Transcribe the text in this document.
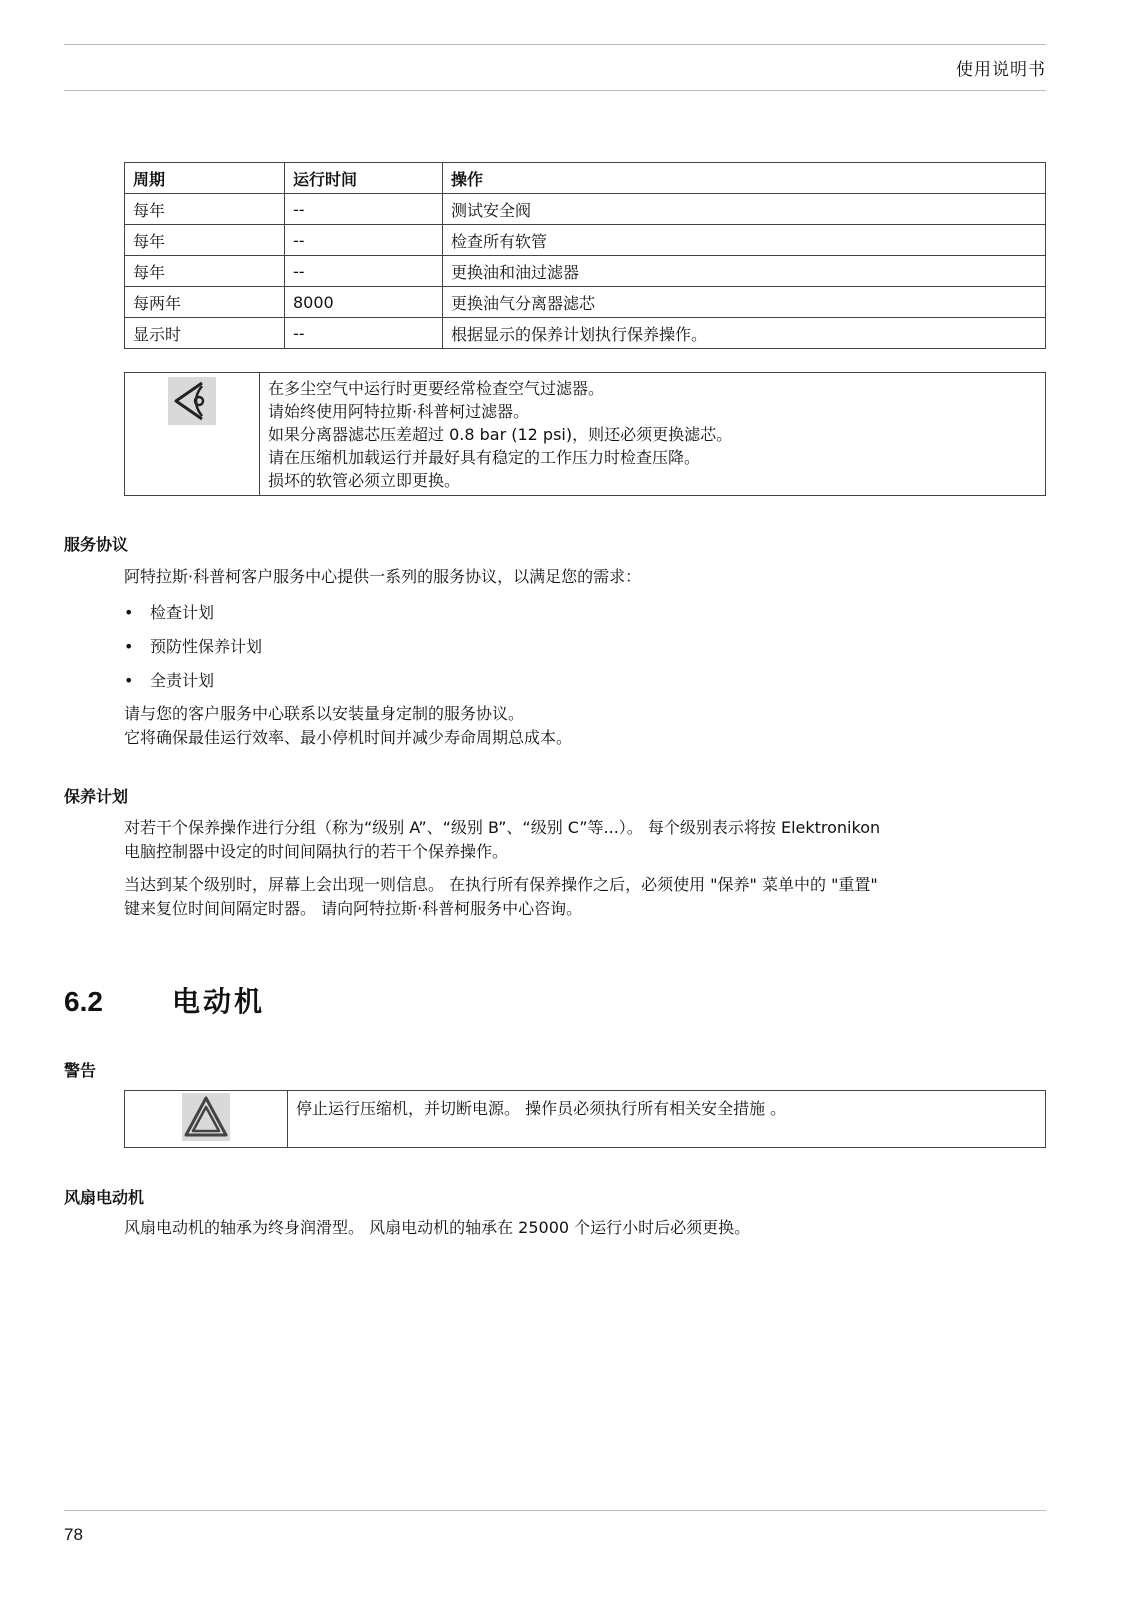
使用说明书
周期	运行时间	操作
每年	--	测试安全阀
每年	--	检查所有软管
每年	--	更换油和油过滤器
每两年	8000	更换油气分离器滤芯
显示时	--	根据显示的保养计划执行保养操作。
在多尘空气中运行时更要经常检查空气过滤器。
请始终使用阿特拉斯·科普柯过滤器。
如果分离器滤芯压差超过 0.8 bar (12 psi)，则还必须更换滤芯。
请在压缩机加载运行并最好具有稳定的工作压力时检查压降。
损坏的软管必须立即更换。
服务协议
阿特拉斯·科普柯客户服务中心提供一系列的服务协议，以满足您的需求：
• 检查计划
• 预防性保养计划
• 全责计划
请与您的客户服务中心联系以安装量身定制的服务协议。
它将确保最佳运行效率、最小停机时间并减少寿命周期总成本。
保养计划
对若干个保养操作进行分组（称为“级别 A”、“级别 B”、“级别 C”等...）。 每个级别表示将按 Elektronikon
电脑控制器中设定的时间间隔执行的若干个保养操作。
当达到某个级别时，屏幕上会出现一则信息。 在执行所有保养操作之后，必须使用 "保养" 菜单中的 "重置"
键来复位时间间隔定时器。 请向阿特拉斯·科普柯服务中心咨询。
6.2 电动机
警告
停止运行压缩机，并切断电源。 操作员必须执行所有相关安全措施 。
风扇电动机
风扇电动机的轴承为终身润滑型。 风扇电动机的轴承在 25000 个运行小时后必须更换。
78
